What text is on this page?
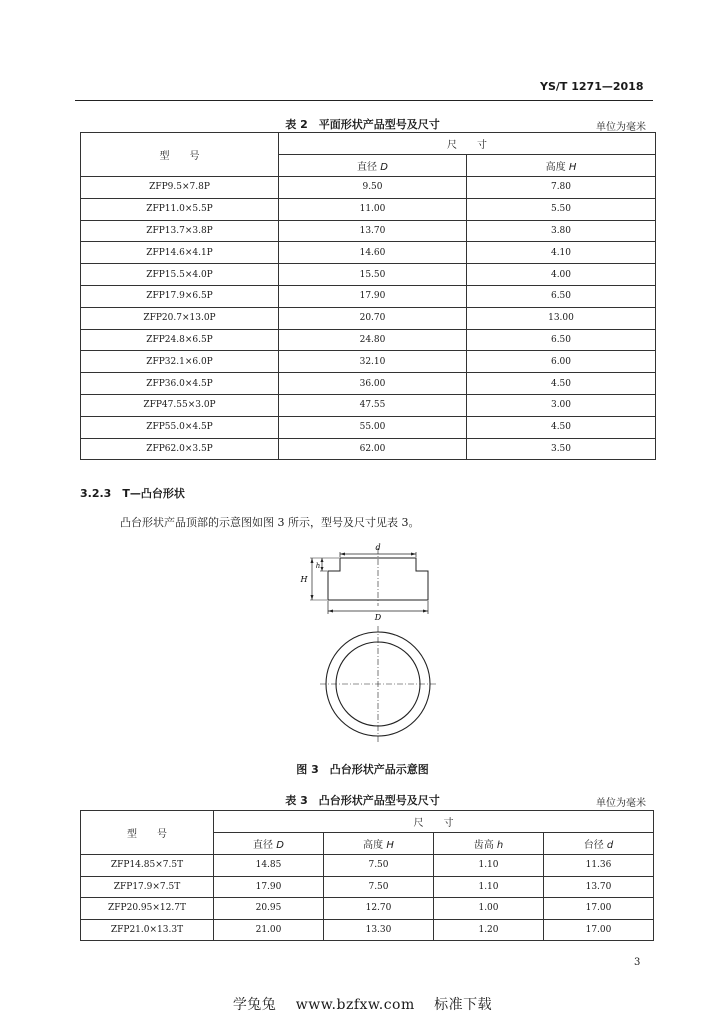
YS/T 1271—2018
表 2　平面形状产品型号及尺寸	单位为毫米
型　　号	尺　　寸	
	直径 D	高度 H
ZFP9.5×7.8P	9.50	7.80
ZFP11.0×5.5P	11.00	5.50
ZFP13.7×3.8P	13.70	3.80
ZFP14.6×4.1P	14.60	4.10
ZFP15.5×4.0P	15.50	4.00
ZFP17.9×6.5P	17.90	6.50
ZFP20.7×13.0P	20.70	13.00
ZFP24.8×6.5P	24.80	6.50
ZFP32.1×6.0P	32.10	6.00
ZFP36.0×4.5P	36.00	4.50
ZFP47.55×3.0P	47.55	3.00
ZFP55.0×4.5P	55.00	4.50
ZFP62.0×3.5P	62.00	3.50
3.2.3　T—凸台形状
凸台形状产品顶部的示意图如图 3 所示，型号及尺寸见表 3。
d
D
H
h
图 3　凸台形状产品示意图
表 3　凸台形状产品型号及尺寸	单位为毫米
型　　号	尺　　寸			
	直径 D	高度 H	齿高 h	台径 d
ZFP14.85×7.5T	14.85	7.50	1.10	11.36
ZFP17.9×7.5T	17.90	7.50	1.10	13.70
ZFP20.95×12.7T	20.95	12.70	1.00	17.00
ZFP21.0×13.3T	21.00	13.30	1.20	17.00
3
学兔兔　 www.bzfxw.com　 标准下载
